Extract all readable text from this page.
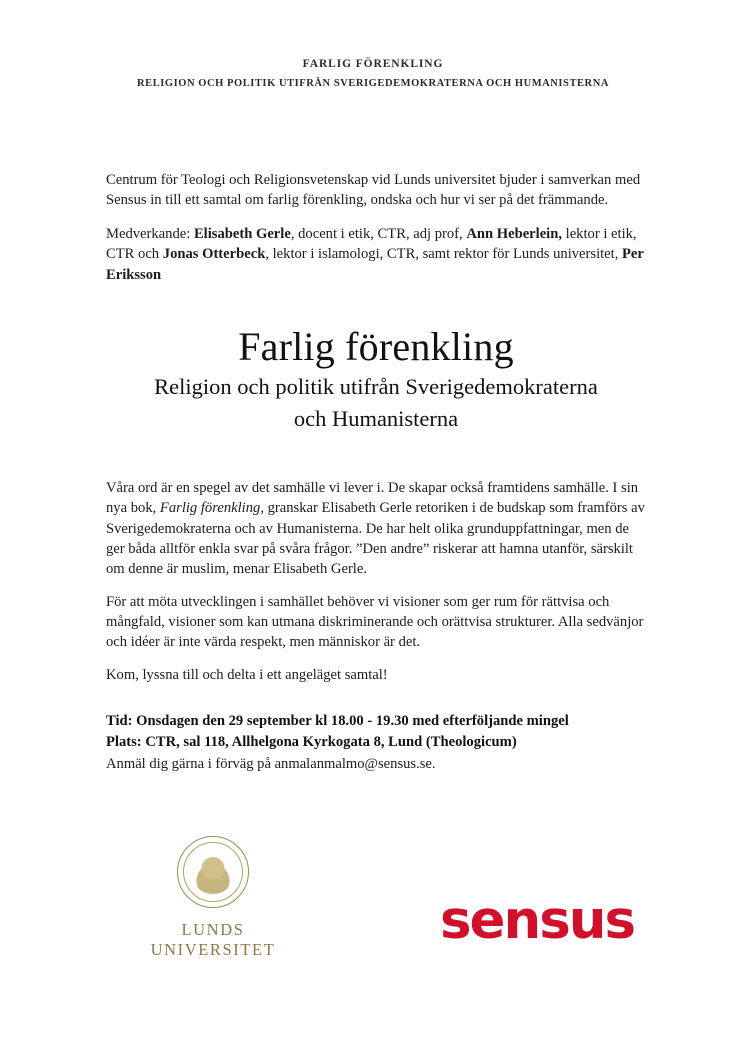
FARLIG FÖRENKLING
RELIGION OCH POLITIK UTIFRÅN SVERIGEDEMOKRATERNA OCH HUMANISTERNA

Centrum för Teologi och Religionsvetenskap vid Lunds universitet bjuder i samverkan med Sensus in till ett samtal om farlig förenkling, ondska och hur vi ser på det främmande.

Medverkande: Elisabeth Gerle, docent i etik, CTR, adj prof, Ann Heberlein, lektor i etik, CTR och Jonas Otterbeck, lektor i islamologi, CTR, samt rektor för Lunds universitet, Per Eriksson

Farlig förenkling
Religion och politik utifrån Sverigedemokraterna
och Humanisterna

Våra ord är en spegel av det samhälle vi lever i. De skapar också framtidens samhälle. I sin nya bok, Farlig förenkling, granskar Elisabeth Gerle retoriken i de budskap som framförs av Sverigedemokraterna och av Humanisterna. De har helt olika grunduppfattningar, men de ger båda alltför enkla svar på svåra frågor. ”Den andre” riskerar att hamna utanför, särskilt om denne är muslim, menar Elisabeth Gerle.

För att möta utvecklingen i samhället behöver vi visioner som ger rum för rättvisa och mångfald, visioner som kan utmana diskriminerande och orättvisa strukturer. Alla sedvänjor och idéer är inte värda respekt, men människor är det.

Kom, lyssna till och delta i ett angeläget samtal!

Tid: Onsdagen den 29 september kl 18.00 - 19.30 med efterföljande mingel
Plats: CTR, sal 118, Allhelgona Kyrkogata 8, Lund (Theologicum)
Anmäl dig gärna i förväg på anmalanmalmo@sensus.se.
LUNDS UNIVERSITET	sensus
